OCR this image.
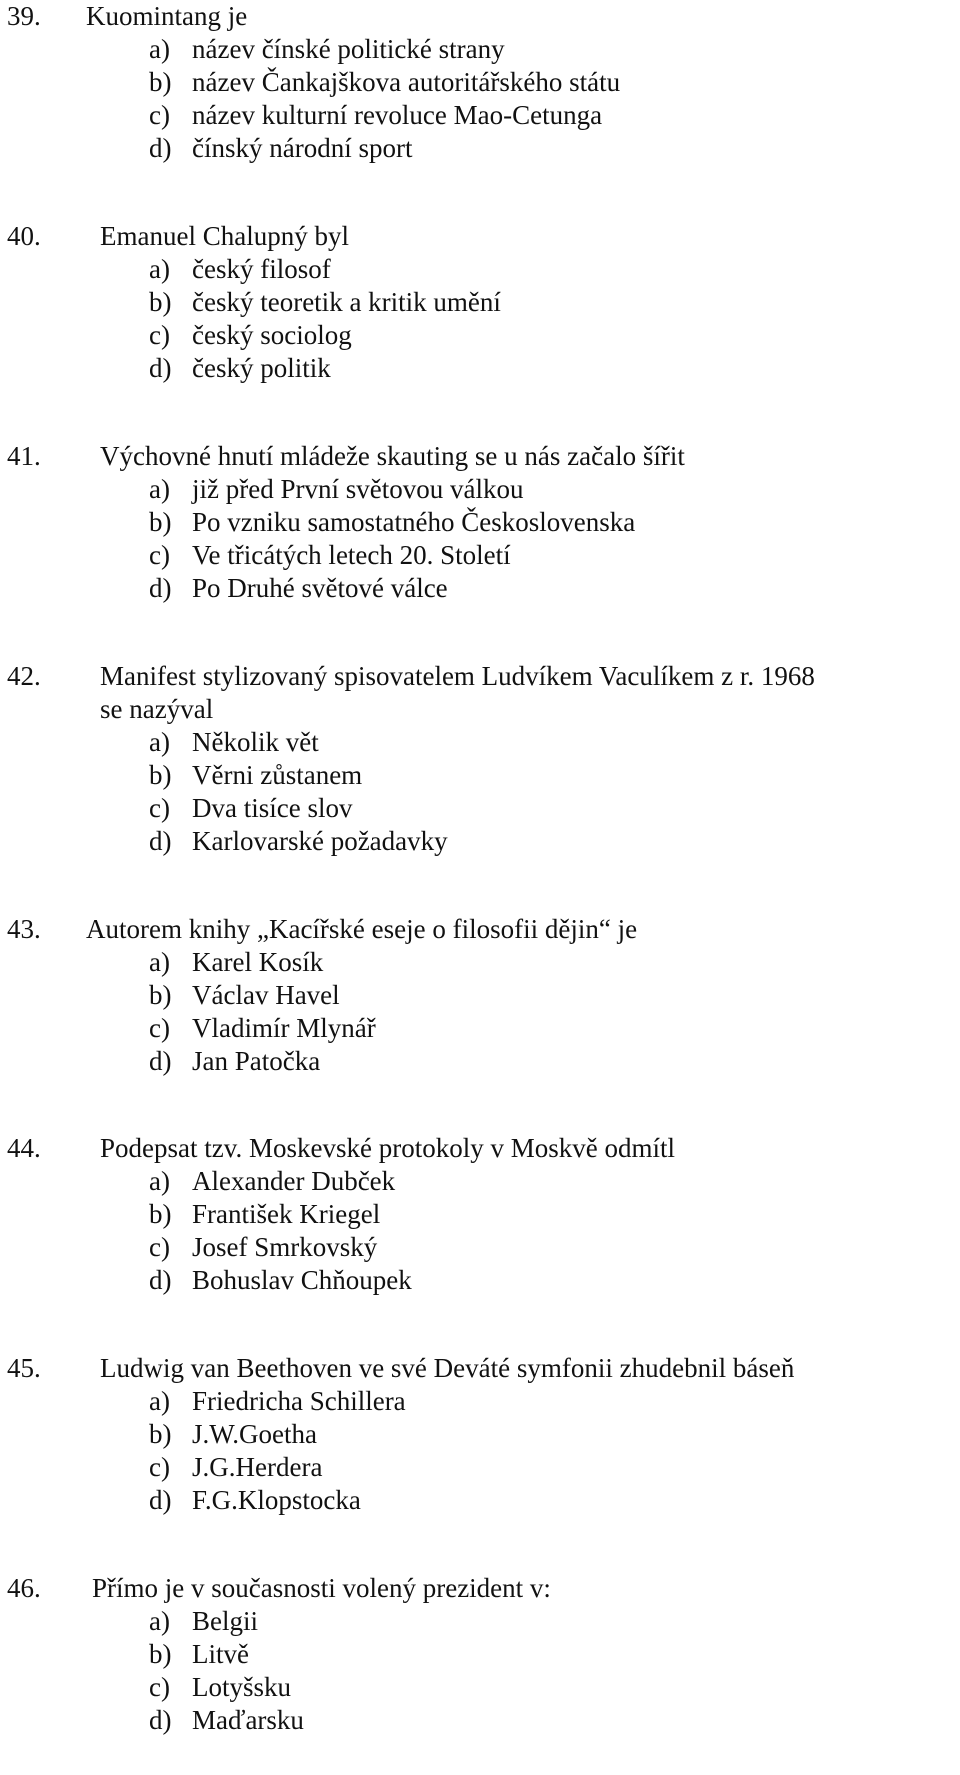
39. Kuomintang je
a) název čínské politické strany
b) název Čankajškova autoritářského státu
c) název kulturní revoluce Mao-Cetunga
d) čínský národní sport
40. Emanuel Chalupný byl
a) český filosof
b) český teoretik a kritik umění
c) český sociolog
d) český politik
41. Výchovné hnutí mládeže skauting se u nás začalo šířit
a) již před První světovou válkou
b) Po vzniku samostatného Československa
c) Ve třicátých letech 20. Století
d) Po Druhé světové válce
42. Manifest stylizovaný spisovatelem Ludvíkem Vaculíkem z r. 1968
se nazýval
a) Několik vět
b) Věrni zůstanem
c) Dva tisíce slov
d) Karlovarské požadavky
43. Autorem knihy „Kacířské eseje o filosofii dějin“ je
a) Karel Kosík
b) Václav Havel
c) Vladimír Mlynář
d) Jan Patočka
44. Podepsat tzv. Moskevské protokoly v Moskvě odmítl
a) Alexander Dubček
b) František Kriegel
c) Josef Smrkovský
d) Bohuslav Chňoupek
45. Ludwig van Beethoven ve své Deváté symfonii zhudebnil báseň
a) Friedricha Schillera
b) J.W.Goetha
c) J.G.Herdera
d) F.G.Klopstocka
46. Přímo je v současnosti volený prezident v:
a) Belgii
b) Litvě
c) Lotyšsku
d) Maďarsku
